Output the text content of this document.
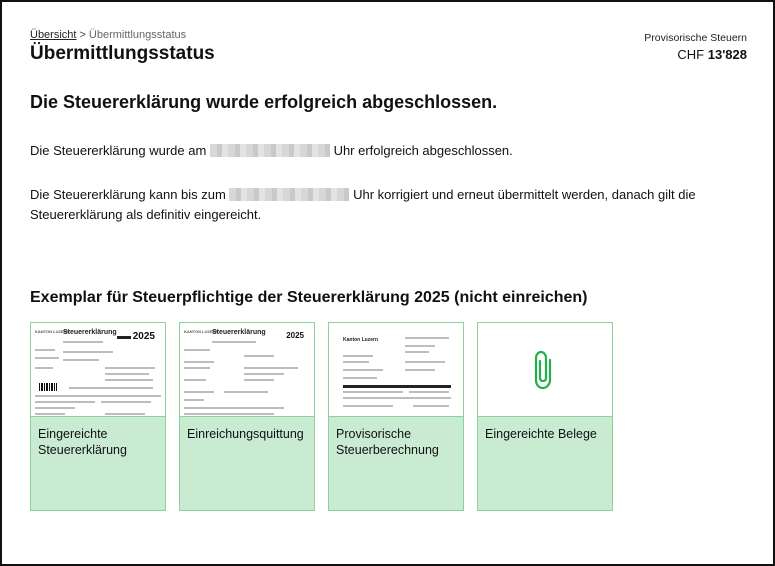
Übersicht > Übermittlungsstatus
Übermittlungsstatus
Provisorische Steuern
CHF 13'828
Die Steuererklärung wurde erfolgreich abgeschlossen.
Die Steuererklärung wurde am	Uhr erfolgreich abgeschlossen.
Die Steuererklärung kann bis zum	Uhr korrigiert und erneut übermittelt werden, danach gilt die Steuererklärung als definitiv eingereicht.
Exemplar für Steuerpflichtige der Steuererklärung 2025 (nicht einreichen)
KANTON LUZERN
Steuererklärung 2025
Eingereichte Steuererklärung
KANTON LUZERN
Steuererklärung	2025
Einreichungsquittung
Kanton Luzern
Provisorische Steuerberechnung
Eingereichte Belege
